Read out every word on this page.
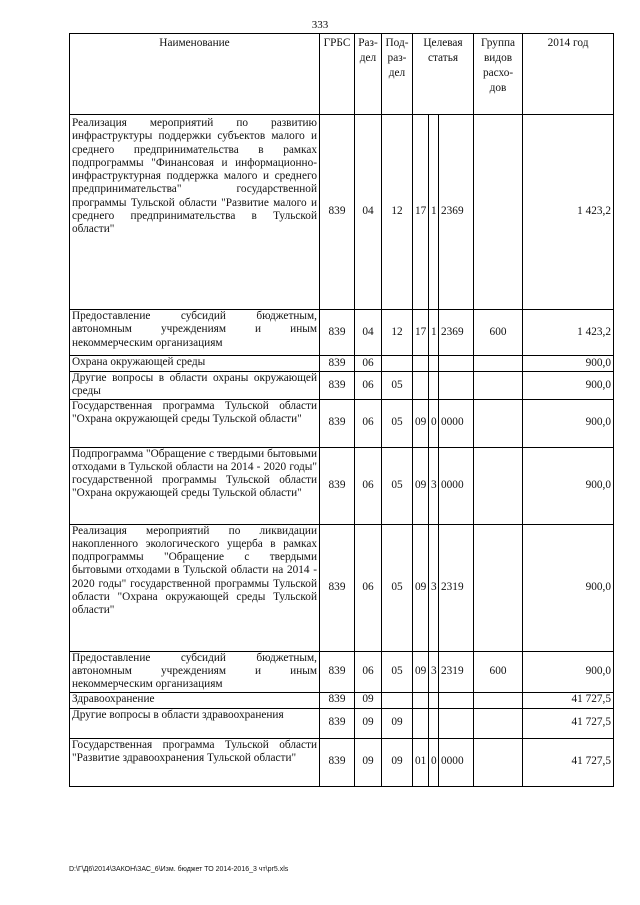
333
Наименование	ГРБС	Раз- дел	Под- раз- дел	Целевая статья			Группа видов расхо- дов	2014 год
Реализация мероприятий по развитию инфраструктуры поддержки субъектов малого и среднего предпринимательства в рамках подпрограммы "Финансовая и информационно-инфраструктурная поддержка малого и среднего предпринимательства" государственной программы Тульской области "Развитие малого и среднего предпринимательства в Тульской области"	839	04	12	17	1	2369		1 423,2
Предоставление субсидий бюджетным, автономным учреждениям и иным некоммерческим организациям	839	04	12	17	1	2369	600	1 423,2
Охрана окружающей среды	839	06						900,0
Другие вопросы в области охраны окружающей среды	839	06	05					900,0
Государственная программа Тульской области "Охрана окружающей среды Тульской области"	839	06	05	09	0	0000		900,0
Подпрограмма "Обращение с твердыми бытовыми отходами в Тульской области на 2014 - 2020 годы" государственной программы Тульской области "Охрана окружающей среды Тульской области"	839	06	05	09	3	0000		900,0
Реализация мероприятий по ликвидации накопленного экологического ущерба в рамках подпрограммы "Обращение с твердыми бытовыми отходами в Тульской области на 2014 - 2020 годы" государственной программы Тульской области "Охрана окружающей среды Тульской области"	839	06	05	09	3	2319		900,0
Предоставление субсидий бюджетным, автономным учреждениям и иным некоммерческим организациям	839	06	05	09	3	2319	600	900,0
Здравоохранение	839	09						41 727,5
Другие вопросы в области здравоохранения	839	09	09					41 727,5
Государственная программа Тульской области "Развитие здравоохранения Тульской области"	839	09	09	01	0	0000		41 727,5
D:\Г\Д6\2014\ЗАКОН\ЗАС_6\Изм. бюджет ТО 2014-2016_3 чт\pr5.xls
